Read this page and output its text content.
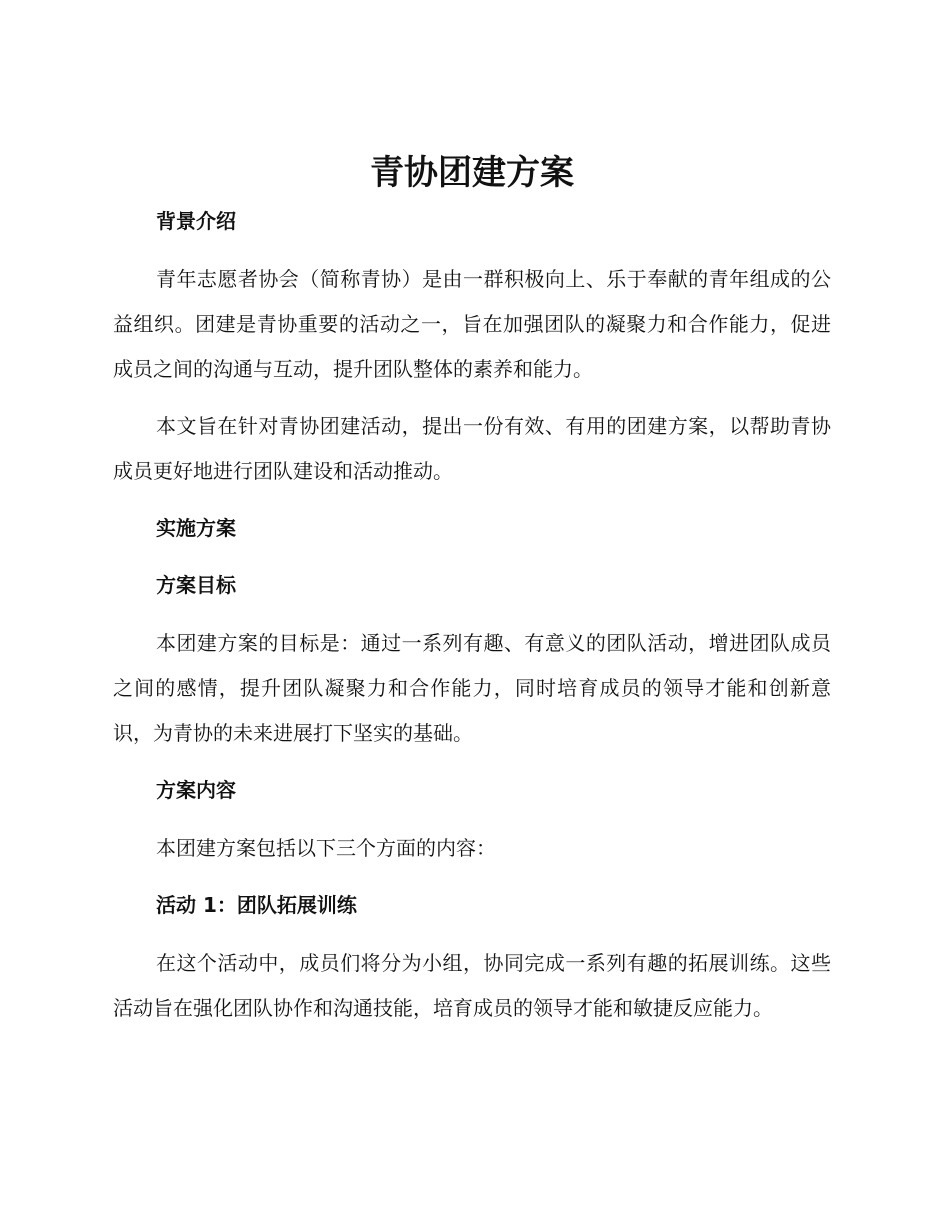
青协团建方案
背景介绍

青年志愿者协会（简称青协）是由一群积极向上、乐于奉献的青年组成的公益组织。团建是青协重要的活动之一，旨在加强团队的凝聚力和合作能力，促进成员之间的沟通与互动，提升团队整体的素养和能力。

本文旨在针对青协团建活动，提出一份有效、有用的团建方案，以帮助青协成员更好地进行团队建设和活动推动。

实施方案
方案目标

本团建方案的目标是：通过一系列有趣、有意义的团队活动，增进团队成员之间的感情，提升团队凝聚力和合作能力，同时培育成员的领导才能和创新意识，为青协的未来进展打下坚实的基础。

方案内容

本团建方案包括以下三个方面的内容：

活动 1：团队拓展训练

在这个活动中，成员们将分为小组，协同完成一系列有趣的拓展训练。这些活动旨在强化团队协作和沟通技能，培育成员的领导才能和敏捷反应能力。
